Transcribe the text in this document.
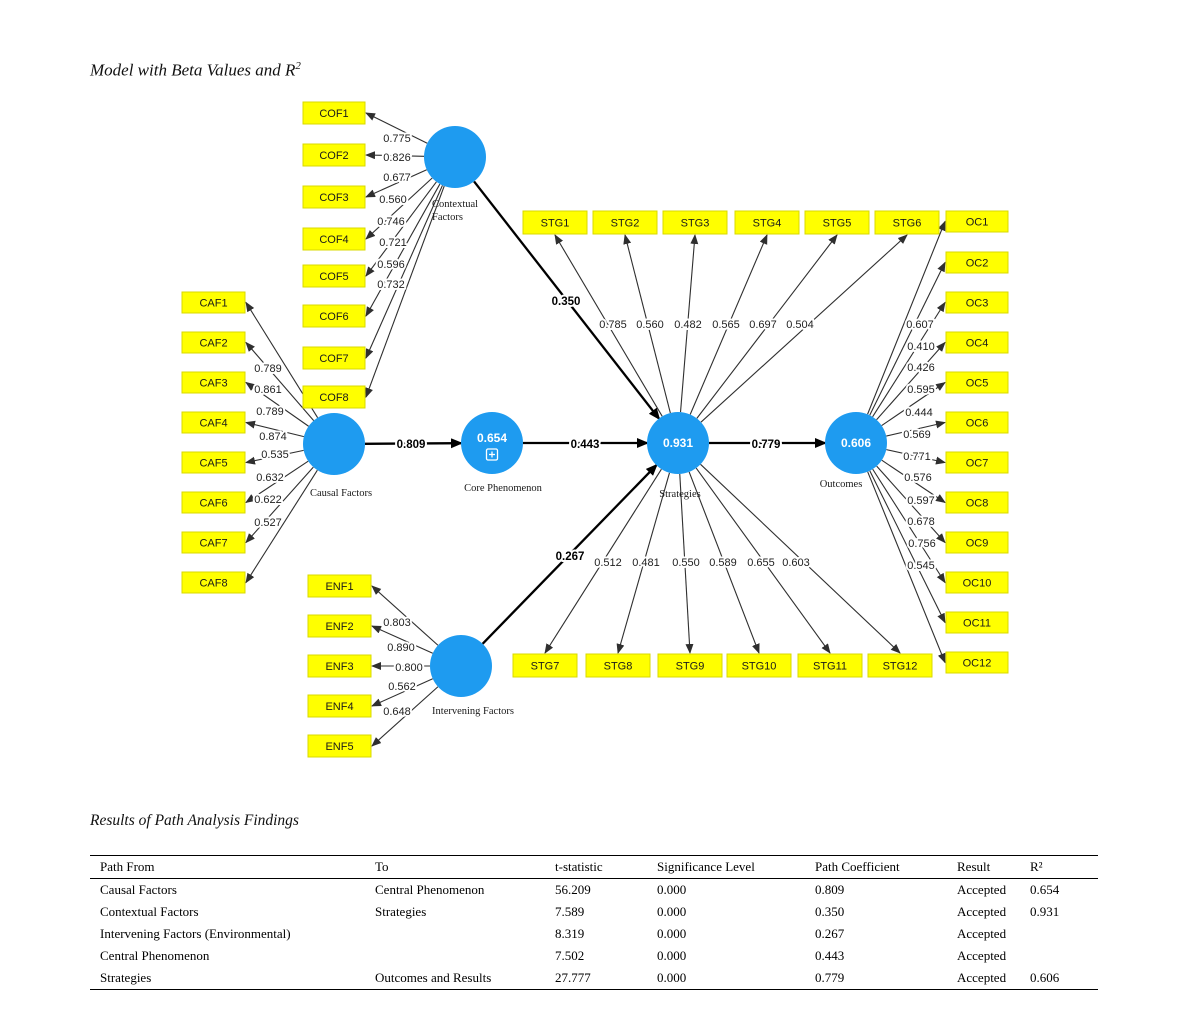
Model with Beta Values and $R^2$
COF1
0.775
COF2	0.826
COF3
0.677
COF4
0.560
COF5
0.746
COF6
0.721
COF7
0.596
COF8
0.732
CAF1
0.789
CAF2
0.861
CAF3
0.789
CAF4
0.874
CAF5
0.535
CAF6
0.632
CAF7
0.622
CAF8
0.527
ENF1
0.803
ENF2
0.890
ENF3	0.800
ENF4
0.562
ENF5
0.648
STG1
0.785
STG2
0.560
STG3
0.482
STG4
0.565
STG5
0.697
STG6
0.504
STG7
0.512
STG8
0.481
STG9
0.550
STG10
0.589
STG11
0.655
STG12
0.603
OC1
0.607
OC2
0.410
OC3
0.426
OC4
0.595
OC5
0.444
OC6
0.569
OC7
0.771
OC8
0.576
OC9
0.597
OC10
0.678
OC11
0.756
OC12
0.545
0.809	0.443	0.779
0.350
0.267
Contextual Factors
Causal Factors
0.654
Core Phenomenon
0.931
Strategies
0.606
Outcomes
Intervening Factors
Results of Path Analysis Findings
Path From	To	t-statistic	Significance Level	Path Coefficient	Result	R²
Causal Factors	Central Phenomenon	56.209	0.000	0.809	Accepted	0.654
Contextual Factors	Strategies	7.589	0.000	0.350	Accepted	0.931
Intervening Factors (Environmental)		8.319	0.000	0.267	Accepted	
Central Phenomenon		7.502	0.000	0.443	Accepted	
Strategies	Outcomes and Results	27.777	0.000	0.779	Accepted	0.606
